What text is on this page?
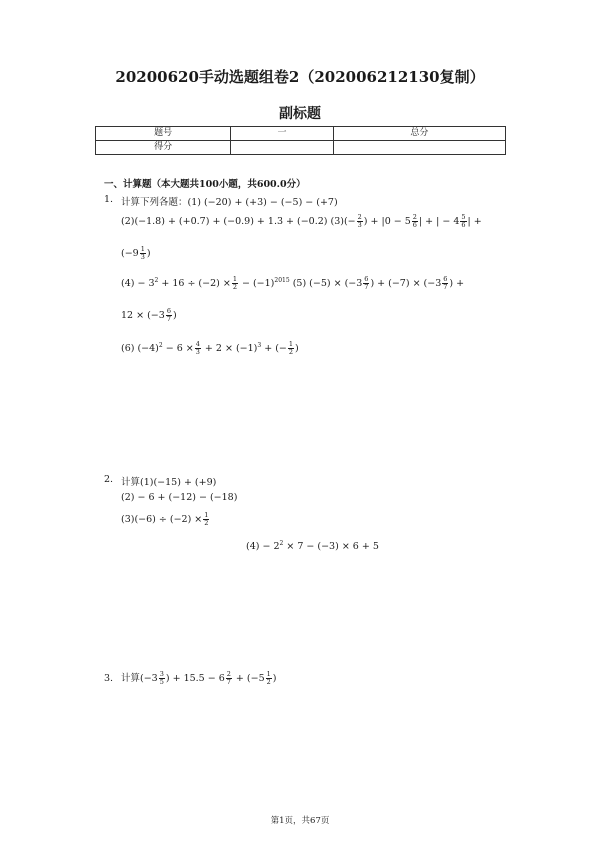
20200620手动选题组卷2（202006212130复制）
副标题
题号	一	总分
得分		
一、计算题（本大题共100小题，共600.0分）
1. 计算下列各题：(1) (−20) + (+3) − (−5) − (+7)
(2)(−1.8) + (+0.7) + (−0.9) + 1.3 + (−0.2) $(3)(- \frac{2}{3}$ ) + $|0 - 5 \frac{2}{6}$ | + | − $4 \frac{5}{6}$ | +
($-9 \frac{1}{3}$ )
$(4) - 3^2 + 16 \div (-2) \times \frac{1}{2} - (-1)^{2015}$ (5) $(-5) \times (-3 \frac{6}{7}$ ) + $(-7) \times (-3 \frac{6}{7}$ ) +
$12 \times (-3 \frac{6}{7}$ )
(6) $(-4)^2 - 6 \times \frac{4}{3} + 2 \times (-1)^3$ + (− $\frac{1}{2}$ )
2. 计算(1)(−15) + (+9)
(2) − 6 + (−12) − (−18)
$(3)(-6) \div (-2) \times \frac{1}{2}$
$(4) - 2^2 \times 7 - (-3) \times 6 + 5$
3. 计算($-3 \frac{3}{5}$ ) + $15.5 - 6 \frac{2}{7} + (-5 \frac{1}{2}$ )
第1页，共67页
